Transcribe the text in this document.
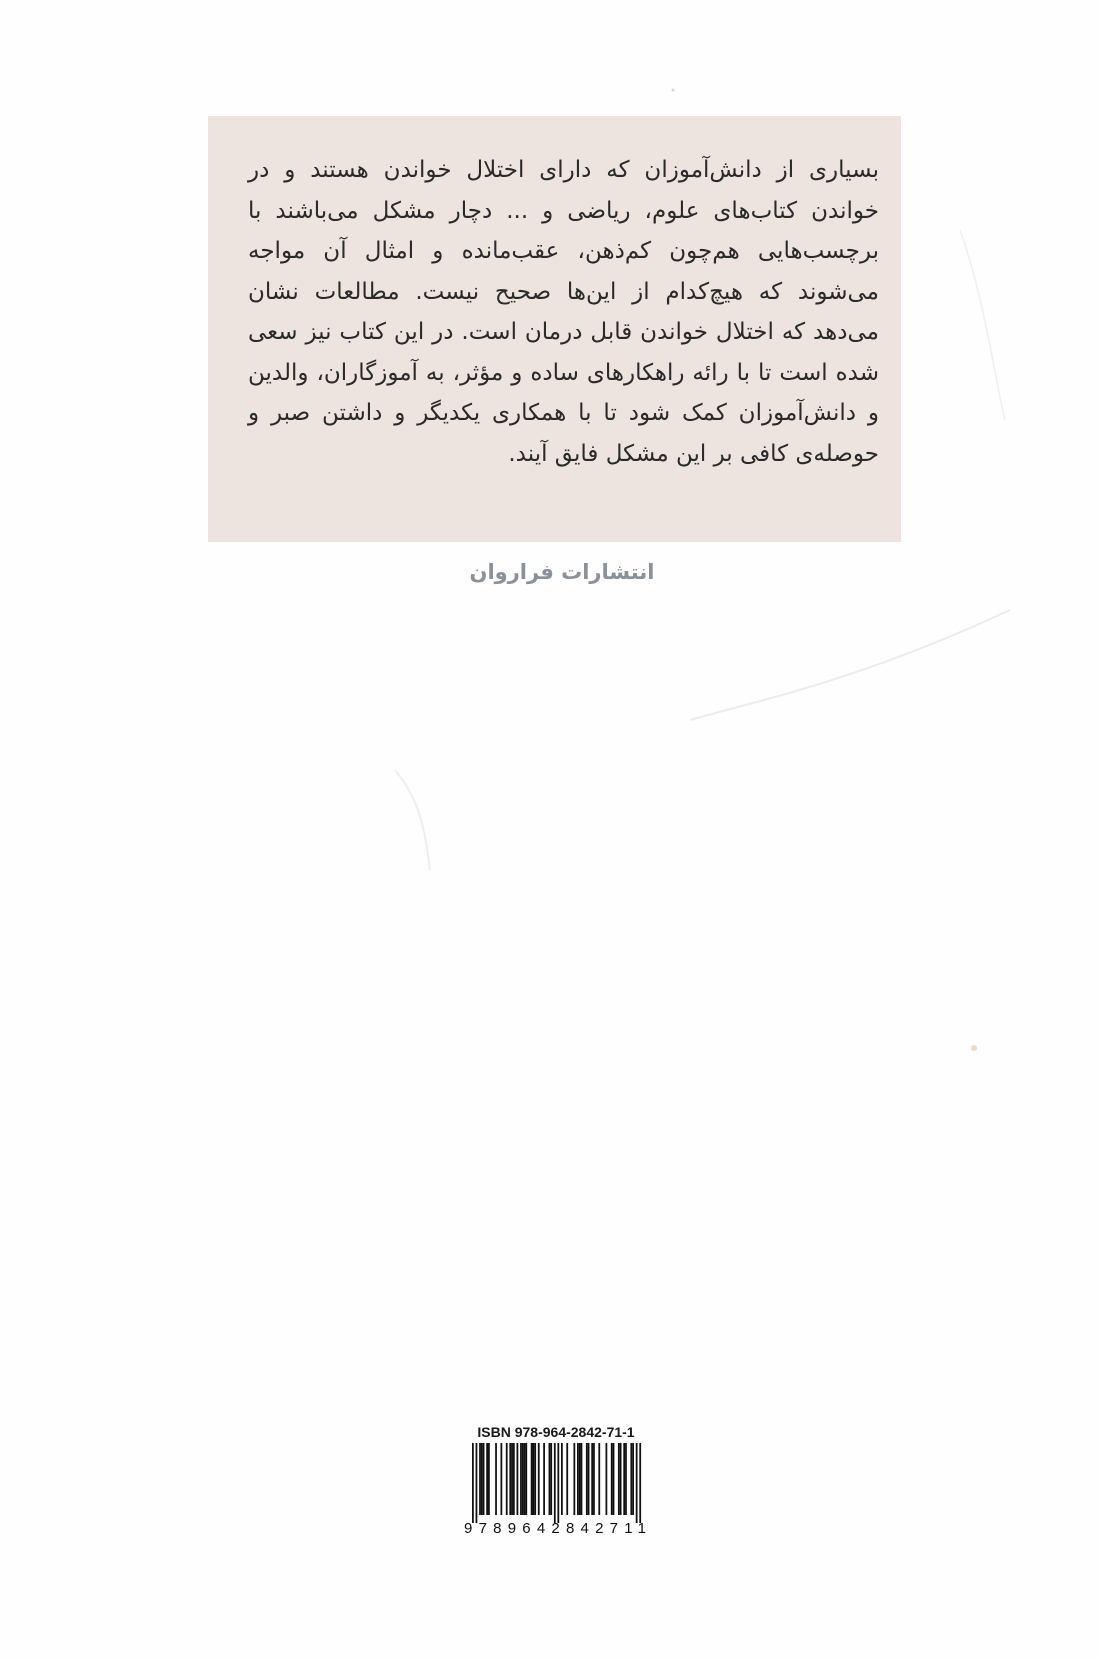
بسیاری از دانش‌آموزان که دارای اختلال خواندن هستند و در خواندن کتاب‌های علوم، ریاضی و ... دچار مشکل می‌باشند با برچسب‌هایی هم‌چون کم‌ذهن، عقب‌مانده و امثال آن مواجه می‌شوند که هیچ‌کدام از این‌ها صحیح نیست. مطالعات نشان می‌دهد که اختلال خواندن قابل درمان است. در این کتاب نیز سعی شده است تا با رائه راهکارهای ساده و مؤثر، به آموزگاران، والدین و دانش‌آموزان کمک شود تا با همکاری یکدیگر و داشتن صبر و حوصله‌ی کافی بر این مشکل فایق آیند.

انتشارات فراروان
ISBN 978-964-2842-71-1
9789642842711
